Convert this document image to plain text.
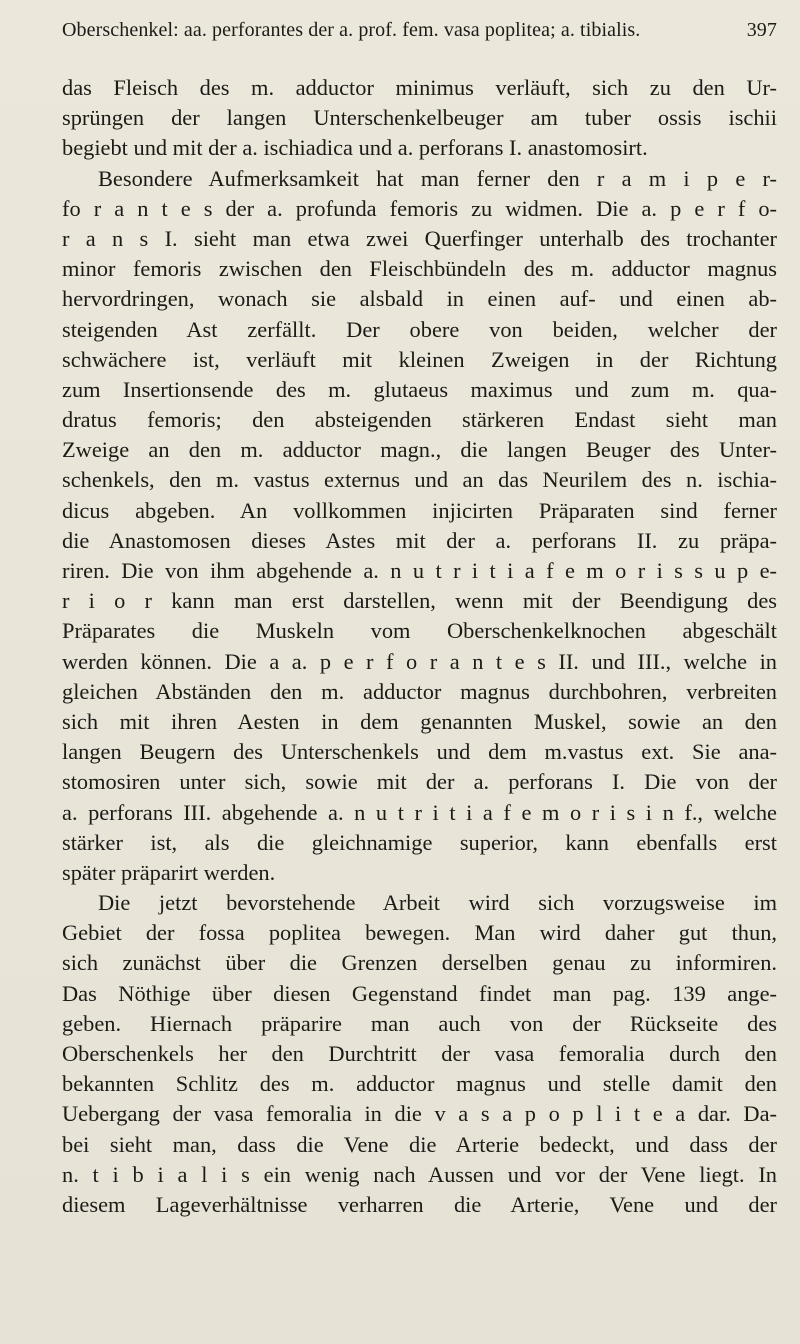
Oberschenkel: aa. perforantes der a. prof. fem. vasa poplitea; a. tibialis.	397
das Fleisch des m. adductor minimus verläuft, sich zu den Ur-
sprüngen der langen Unterschenkelbeuger am tuber ossis ischii
begiebt und mit der a. ischiadica und a. perforans I. anastomosirt.
Besondere Aufmerksamkeit hat man ferner den r a m i p e r-
fo r a n t e s der a. profunda femoris zu widmen. Die a. p e r f o-
r a n s I. sieht man etwa zwei Querfinger unterhalb des trochanter
minor femoris zwischen den Fleischbündeln des m. adductor magnus
hervordringen, wonach sie alsbald in einen auf- und einen ab-
steigenden Ast zerfällt. Der obere von beiden, welcher der
schwächere ist, verläuft mit kleinen Zweigen in der Richtung
zum Insertionsende des m. glutaeus maximus und zum m. qua-
dratus femoris; den absteigenden stärkeren Endast sieht man
Zweige an den m. adductor magn., die langen Beuger des Unter-
schenkels, den m. vastus externus und an das Neurilem des n. ischia-
dicus abgeben. An vollkommen injicirten Präparaten sind ferner
die Anastomosen dieses Astes mit der a. perforans II. zu präpa-
riren. Die von ihm abgehende a. n u t r i t i a f e m o r i s s u p e-
r i o r kann man erst darstellen, wenn mit der Beendigung des
Präparates die Muskeln vom Oberschenkelknochen abgeschält
werden können. Die a a. p e r f o r a n t e s II. und III., welche in
gleichen Abständen den m. adductor magnus durchbohren, verbreiten
sich mit ihren Aesten in dem genannten Muskel, sowie an den
langen Beugern des Unterschenkels und dem m.vastus ext. Sie ana-
stomosiren unter sich, sowie mit der a. perforans I. Die von der
a. perforans III. abgehende a. n u t r i t i a f e m o r i s i n f., welche
stärker ist, als die gleichnamige superior, kann ebenfalls erst
später präparirt werden.
Die jetzt bevorstehende Arbeit wird sich vorzugsweise im
Gebiet der fossa poplitea bewegen. Man wird daher gut thun,
sich zunächst über die Grenzen derselben genau zu informiren.
Das Nöthige über diesen Gegenstand findet man pag. 139 ange-
geben. Hiernach präparire man auch von der Rückseite des
Oberschenkels her den Durchtritt der vasa femoralia durch den
bekannten Schlitz des m. adductor magnus und stelle damit den
Uebergang der vasa femoralia in die v a s a p o p l i t e a dar. Da-
bei sieht man, dass die Vene die Arterie bedeckt, und dass der
n. t i b i a l i s ein wenig nach Aussen und vor der Vene liegt. In
diesem Lageverhältnisse verharren die Arterie, Vene und der
